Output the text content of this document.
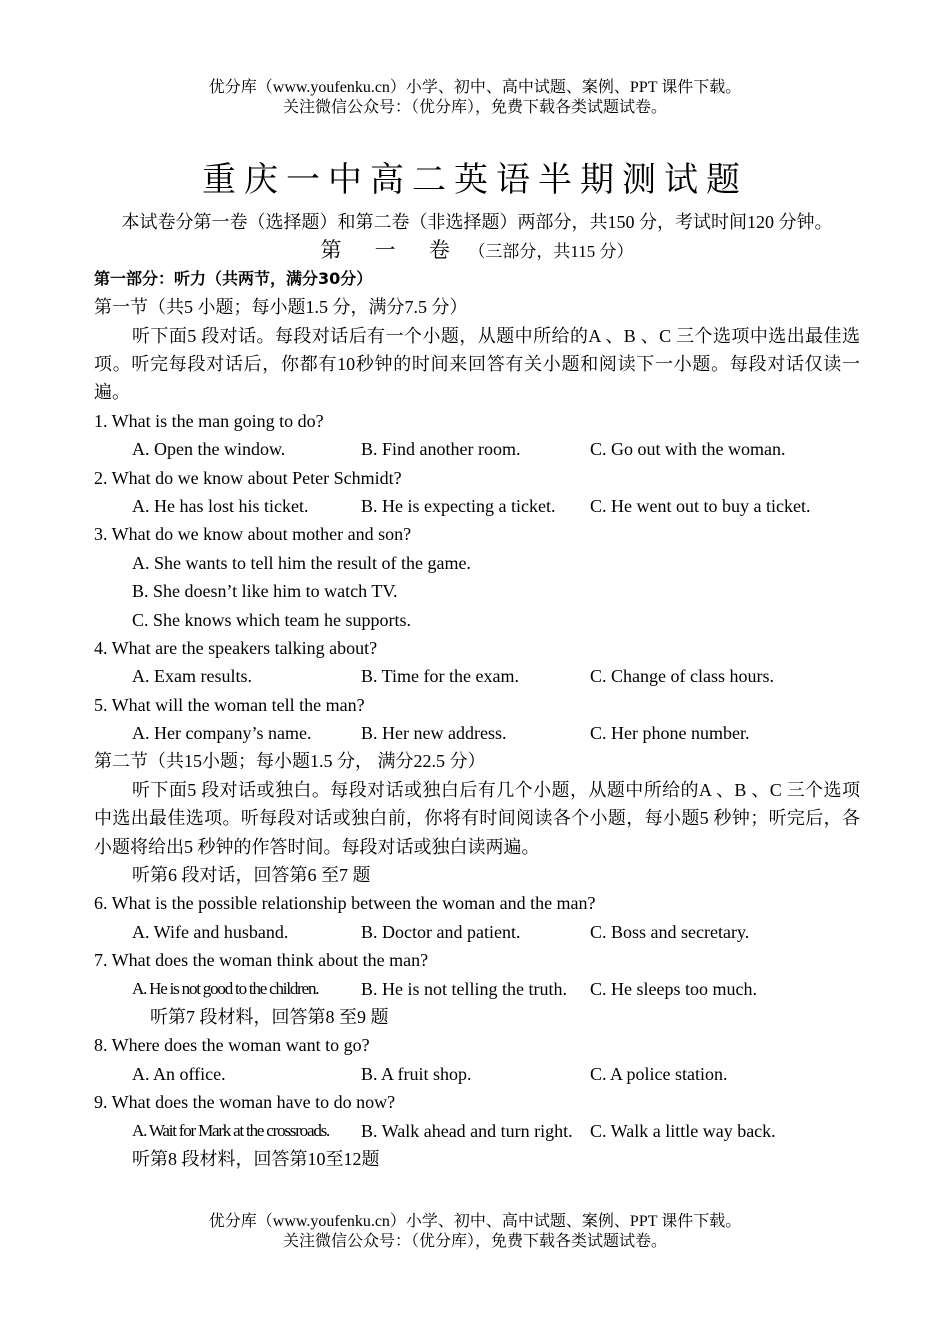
优分库（www.youfenku.cn）小学、初中、高中试题、案例、PPT 课件下载。
关注微信公众号：（优分库），免费下载各类试题试卷。
重庆一中高二英语半期测试题
本试卷分第一卷（选择题）和第二卷（非选择题）两部分，共150 分，考试时间120 分钟。
第 一 卷 （三部分，共115 分）
第一部分：听力（共两节，满分30分）
第一节（共5 小题；每小题1.5 分，满分7.5 分）
听下面5 段对话。每段对话后有一个小题，从题中所给的A 、B 、C 三个选项中选出最佳选项。听完每段对话后，你都有10秒钟的时间来回答有关小题和阅读下一小题。每段对话仅读一遍。
1. What is the man going to do?
A. Open the window.	B. Find another room.	C. Go out with the woman.
2. What do we know about Peter Schmidt?
A. He has lost his ticket.	B. He is expecting a ticket. C. He went out to buy a ticket.
3. What do we know about mother and son?
A. She wants to tell him the result of the game.
B. She doesn’t like him to watch TV.
C. She knows which team he supports.
4. What are the speakers talking about?
A. Exam results.	B. Time for the exam.	C. Change of class hours.
5. What will the woman tell the man?
A. Her company’s name.	B. Her new address.	C. Her phone number.
第二节（共15小题；每小题1.5 分， 满分22.5 分）
听下面5 段对话或独白。每段对话或独白后有几个小题，从题中所给的A 、B 、C 三个选项中选出最佳选项。听每段对话或独白前，你将有时间阅读各个小题，每小题5 秒钟；听完后，各小题将给出5 秒钟的作答时间。每段对话或独白读两遍。
听第6 段对话，回答第6 至7 题
6. What is the possible relationship between the woman and the man?
A. Wife and husband.	B. Doctor and patient.	C. Boss and secretary.
7. What does the woman think about the man?
A. He is not good to the children. B. He is not telling the truth. C. He sleeps too much.
听第7 段材料，回答第8 至9 题
8. Where does the woman want to go?
A. An office.	B. A fruit shop.	C. A police station.
9. What does the woman have to do now?
A. Wait for Mark at the crossroads. B. Walk ahead and turn right. C. Walk a little way back.
听第8 段材料，回答第10至12题
优分库（www.youfenku.cn）小学、初中、高中试题、案例、PPT 课件下载。
关注微信公众号：（优分库），免费下载各类试题试卷。
